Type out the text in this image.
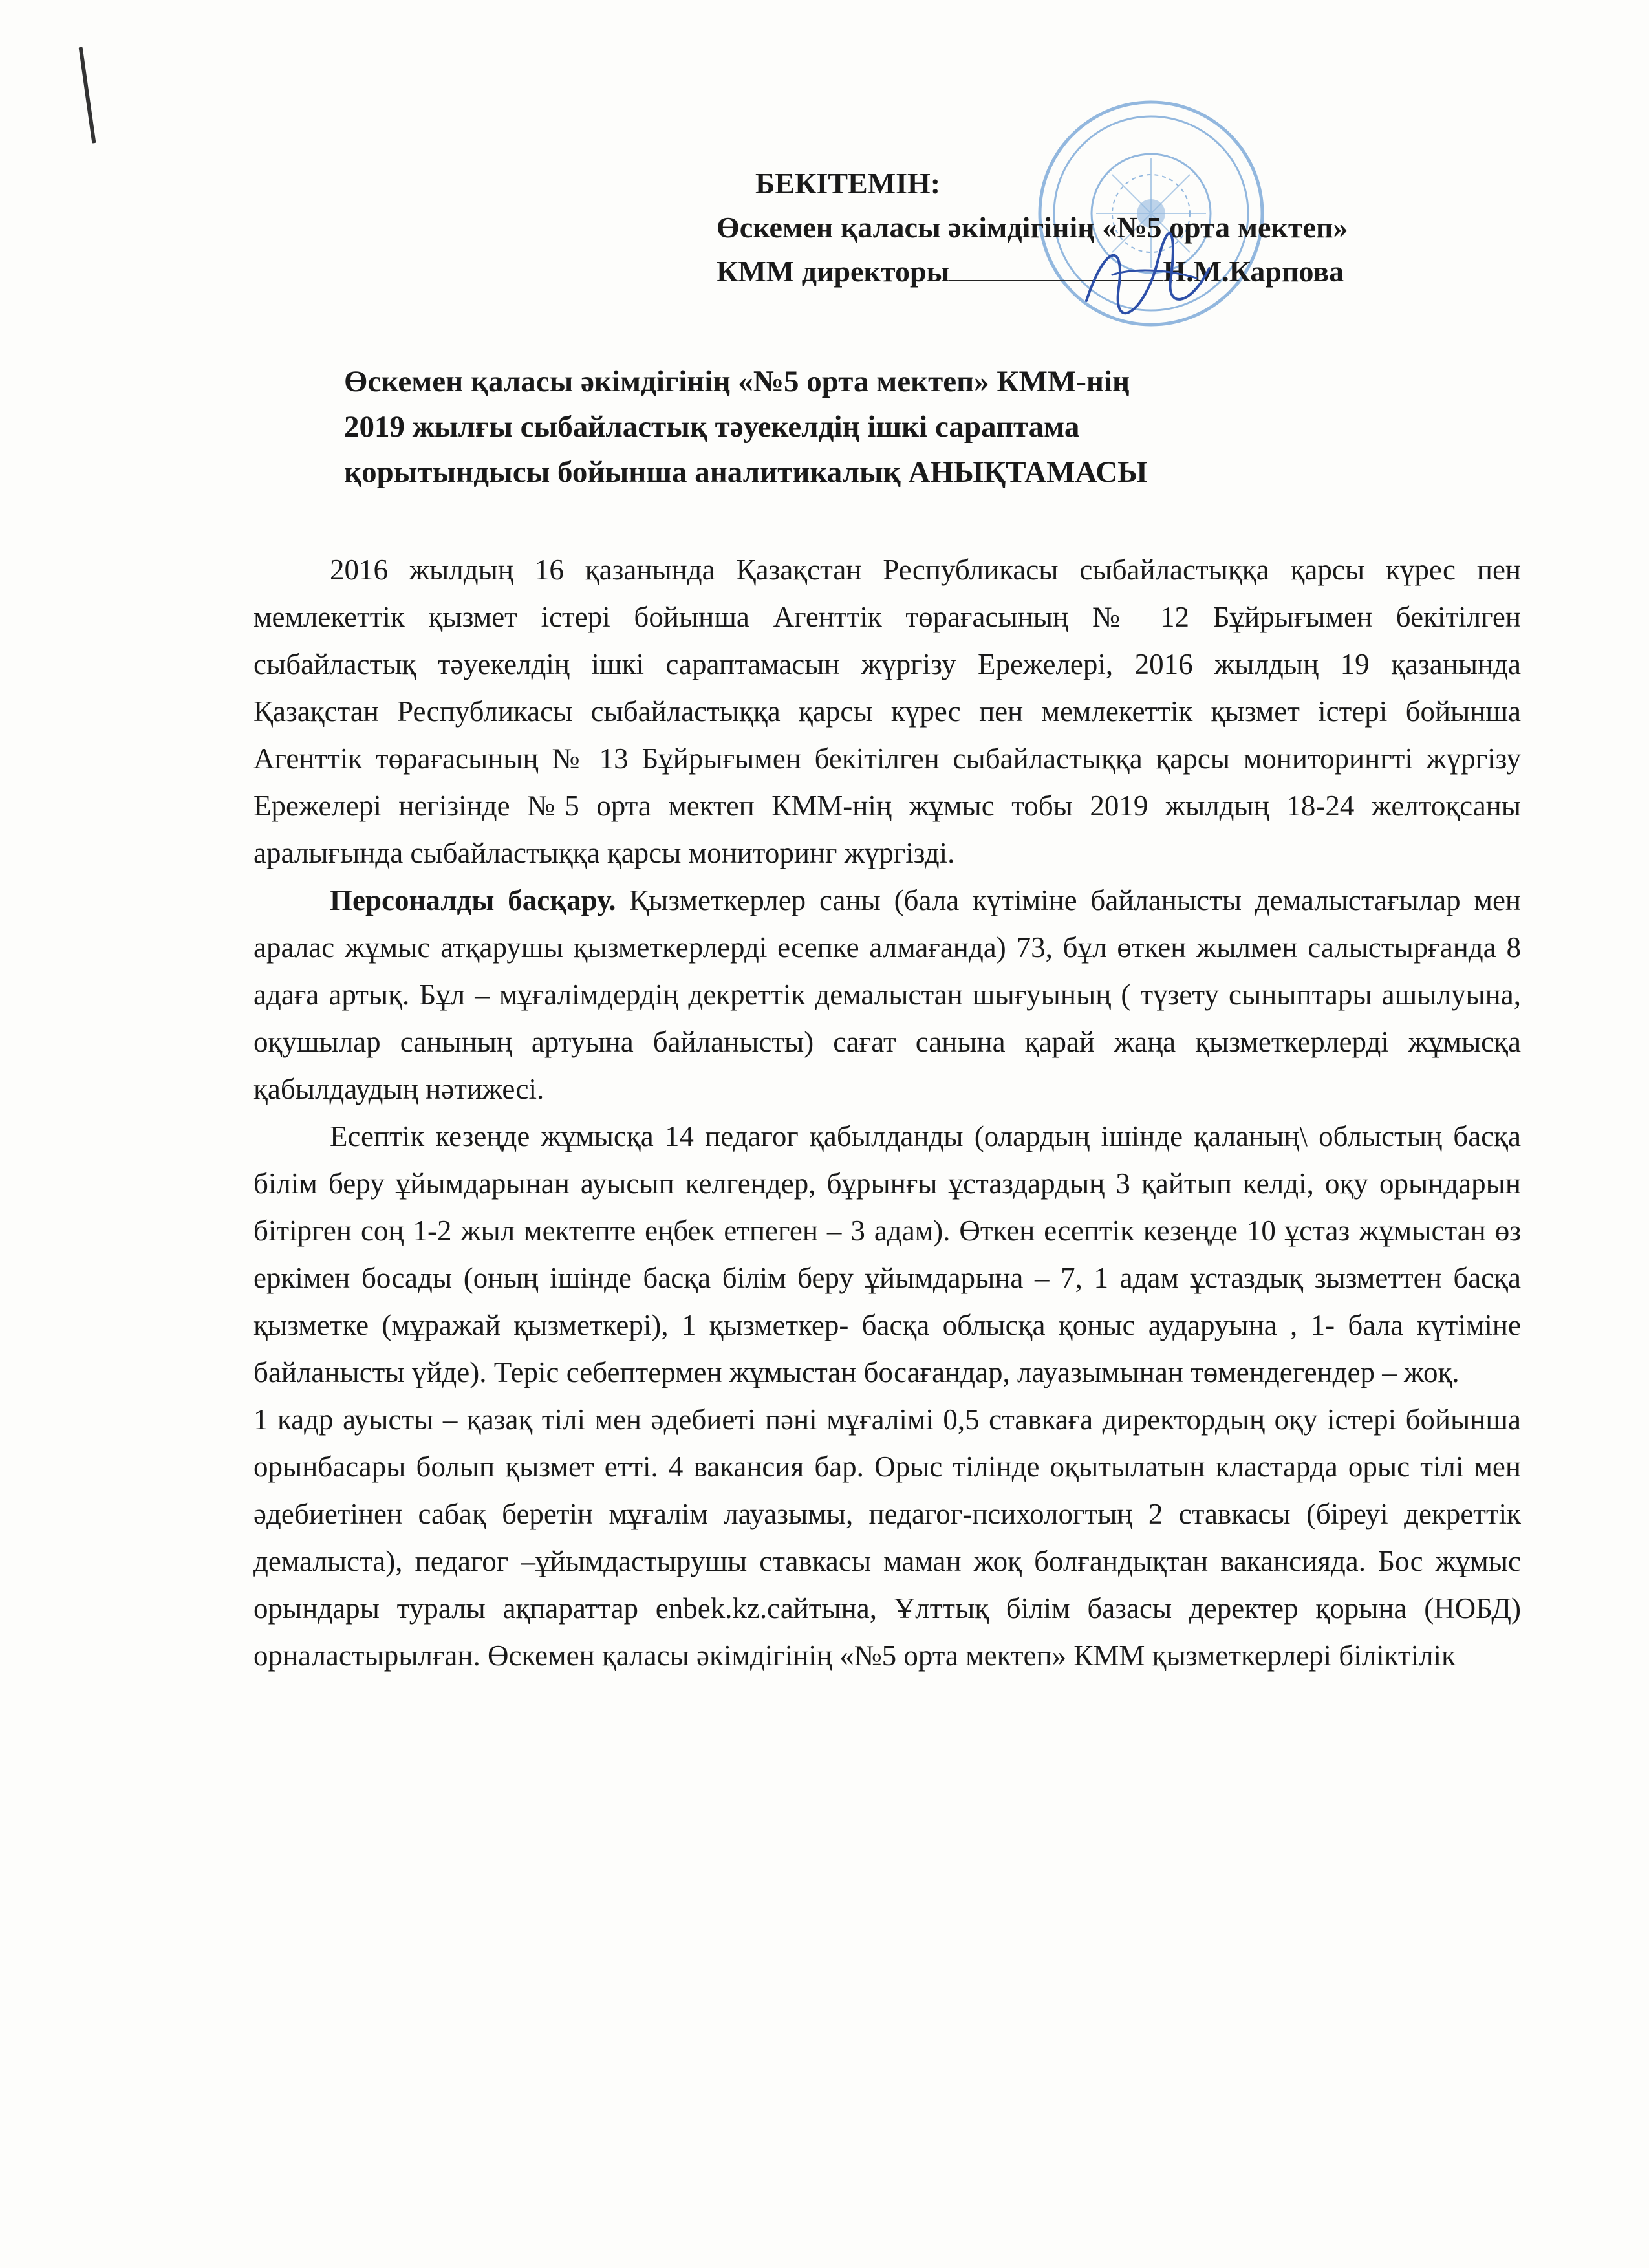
БЕКІТЕМІН:
Өскемен қаласы әкімдігінің «№5 орта мектеп»
КММ директоры	Н.М.Карпова
Өскемен қаласы әкімдігінің «№5 орта мектеп» КММ-нің
2019 жылғы сыбайластық тәуекелдің ішкі сараптама
қорытындысы бойынша аналитикалық АНЫҚТАМАСЫ

2016 жылдың 16 қазанында Қазақстан Республикасы сыбайластыққа қарсы күрес пен мемлекеттік қызмет істері бойынша Агенттік төрағасының № 12 Бұйрығымен бекітілген сыбайластық тәуекелдің ішкі сараптамасын жүргізу Ережелері, 2016 жылдың 19 қазанында Қазақстан Республикасы сыбайластыққа қарсы күрес пен мемлекеттік қызмет істері бойынша Агенттік төрағасының № 13 Бұйрығымен бекітілген сыбайластыққа қарсы мониторингті жүргізу Ережелері негізінде №5 орта мектеп КММ-нің жұмыс тобы 2019 жылдың 18-24 желтоқсаны аралығында сыбайластыққа қарсы мониторинг жүргізді.

Персоналды басқару. Қызметкерлер саны (бала күтіміне байланысты демалыстағылар мен аралас жұмыс атқарушы қызметкерлерді есепке алмағанда) 73, бұл өткен жылмен салыстырғанда 8 адаға артық. Бұл – мұғалімдердің декреттік демалыстан шығуының ( түзету сыныптары ашылуына, оқушылар санының артуына байланысты) сағат санына қарай жаңа қызметкерлерді жұмысқа қабылдаудың нәтижесі.

Есептік кезеңде жұмысқа 14 педагог қабылданды (олардың ішінде қаланың\ облыстың басқа білім беру ұйымдарынан ауысып келгендер, бұрынғы ұстаздардың 3 қайтып келді, оқу орындарын бітірген соң 1-2 жыл мектепте еңбек етпеген – 3 адам). Өткен есептік кезеңде 10 ұстаз жұмыстан өз еркімен босады (оның ішінде басқа білім беру ұйымдарына – 7, 1 адам ұстаздық зызметтен басқа қызметке (мұражай қызметкері), 1 қызметкер- басқа облысқа қоныс аударуына , 1- бала күтіміне байланысты үйде). Теріс себептермен жұмыстан босағандар, лауазымынан төмендегендер – жоқ.

1 кадр ауысты – қазақ тілі мен әдебиеті пәні мұғалімі 0,5 ставкаға директордың оқу істері бойынша орынбасары болып қызмет етті. 4 вакансия бар. Орыс тілінде оқытылатын кластарда орыс тілі мен әдебиетінен сабақ беретін мұғалім лауазымы, педагог-психологтың 2 ставкасы (біреуі декреттік демалыста), педагог –ұйымдастырушы ставкасы маман жоқ болғандықтан вакансияда. Бос жұмыс орындары туралы ақпараттар enbek.kz.сайтына, Ұлттық білім базасы деректер қорына (НОБД) орналастырылған. Өскемен қаласы әкімдігінің «№5 орта мектеп» КММ қызметкерлері біліктілік
